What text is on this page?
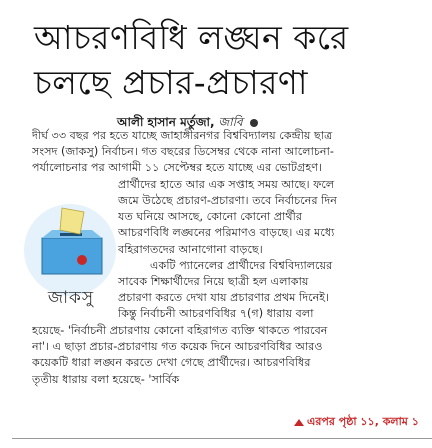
আচরণবিধি লঙ্ঘন করে
চলছে প্রচার-প্রচারণা
আলী হাসান মর্তুজা, জাবি
দীর্ঘ ৩৩ বছর পর হতে যাচ্ছে জাহাঙ্গীরনগর বিশ্ববিদ্যালয় কেন্দ্রীয় ছাত্র
সংসদ (জাকসু) নির্বাচন। গত বছরের ডিসেম্বর থেকে নানা আলোচনা-
পর্যালোচনার পর আগামী ১১ সেপ্টেম্বর হতে যাচ্ছে এর ভোটগ্রহণ।
প্রার্থীদের হাতে আর এক সপ্তাহ সময় আছে। ফলে
জমে উঠেছে প্রচারণ-প্রচারণা। তবে নির্বাচনের দিন
যত ঘনিয়ে আসছে, কোনো কোনো প্রার্থীর
আচরণবিধি লঙ্ঘনের পরিমাণও বাড়ছে। এর মধ্যে
বহিরাগতদের আনাগোনা বাড়ছে।
একটি প্যানেলের প্রার্থীদের বিশ্ববিদ্যালয়ের
সাবেক শিক্ষার্থীদের নিয়ে ছাত্রী হল এলাকায়
প্রচারণা করতে দেখা যায় প্রচারণার প্রথম দিনেই।
কিন্তু নির্বাচনী আচরণবিধির ৭(গ) ধারায় বলা
হয়েছে- 'নির্বাচনী প্রচারণায় কোনো বহিরাগত ব্যক্তি থাকতে পারবেন
না'। এ ছাড়া প্রচার-প্রচারণায় গত কয়েক দিনে আচরণবিধির আরও
কয়েকটি ধারা লঙ্ঘন করতে দেখা গেছে প্রার্থীদের। আচরণবিধির
তৃতীয় ধারায় বলা হয়েছে- 'সার্বিক
জাকসু
এরপর পৃষ্ঠা ১১, কলাম ১
